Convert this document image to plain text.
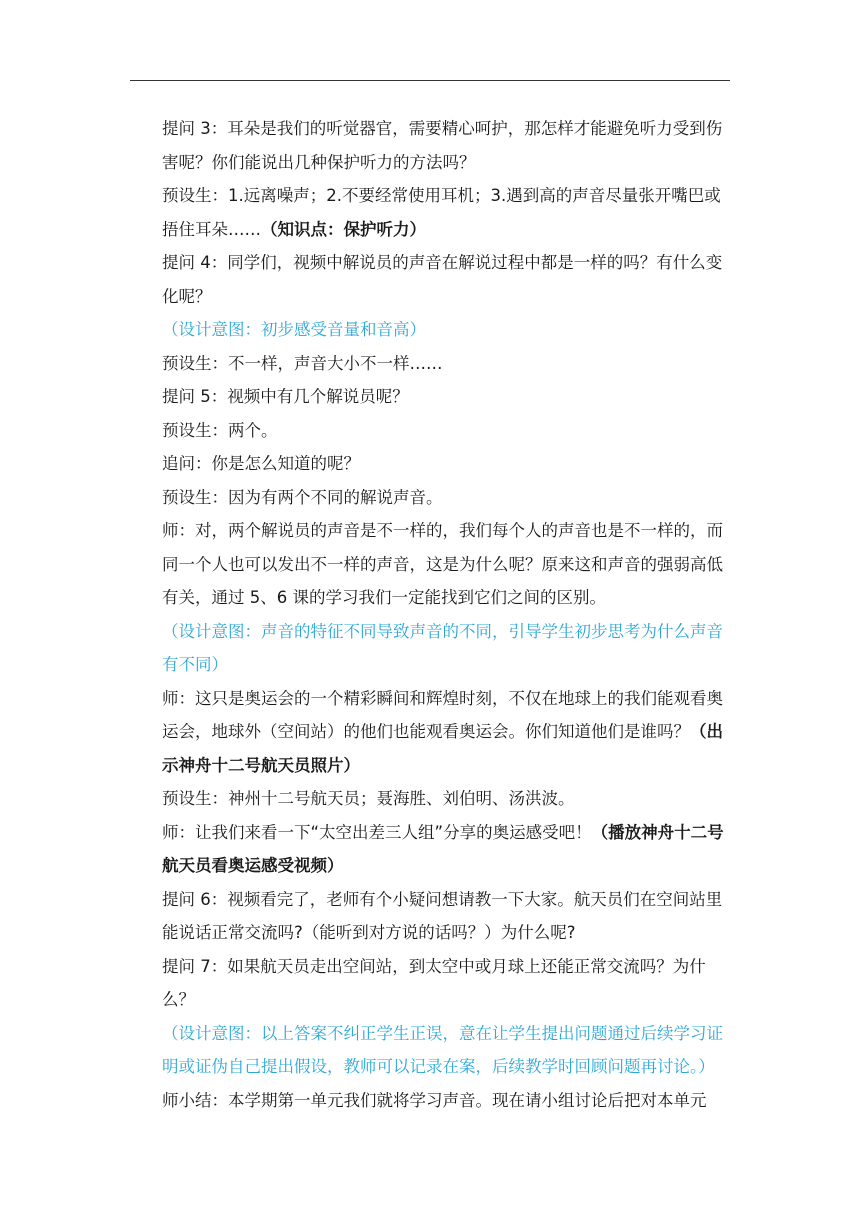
提问 3：耳朵是我们的听觉器官，需要精心呵护，那怎样才能避免听力受到伤害呢？你们能说出几种保护听力的方法吗？

预设生：1.远离噪声；2.不要经常使用耳机；3.遇到高的声音尽量张开嘴巴或捂住耳朵……（知识点：保护听力）

提问 4：同学们，视频中解说员的声音在解说过程中都是一样的吗？有什么变化呢？

（设计意图：初步感受音量和音高）

预设生：不一样，声音大小不一样……

提问 5：视频中有几个解说员呢？

预设生：两个。

追问：你是怎么知道的呢？

预设生：因为有两个不同的解说声音。

师：对，两个解说员的声音是不一样的，我们每个人的声音也是不一样的，而同一个人也可以发出不一样的声音，这是为什么呢？原来这和声音的强弱高低有关，通过 5、6 课的学习我们一定能找到它们之间的区别。

（设计意图：声音的特征不同导致声音的不同，引导学生初步思考为什么声音有不同）

师：这只是奥运会的一个精彩瞬间和辉煌时刻，不仅在地球上的我们能观看奥运会，地球外（空间站）的他们也能观看奥运会。你们知道他们是谁吗？（出示神舟十二号航天员照片）

预设生：神州十二号航天员；聂海胜、刘伯明、汤洪波。

师：让我们来看一下“太空出差三人组”分享的奥运感受吧！（播放神舟十二号航天员看奥运感受视频）

提问 6：视频看完了，老师有个小疑问想请教一下大家。航天员们在空间站里能说话正常交流吗?（能听到对方说的话吗？）为什么呢?

提问 7：如果航天员走出空间站，到太空中或月球上还能正常交流吗？为什么？

（设计意图：以上答案不纠正学生正误，意在让学生提出问题通过后续学习证明或证伪自己提出假设，教师可以记录在案，后续教学时回顾问题再讨论。）

师小结：本学期第一单元我们就将学习声音。现在请小组讨论后把对本单元
